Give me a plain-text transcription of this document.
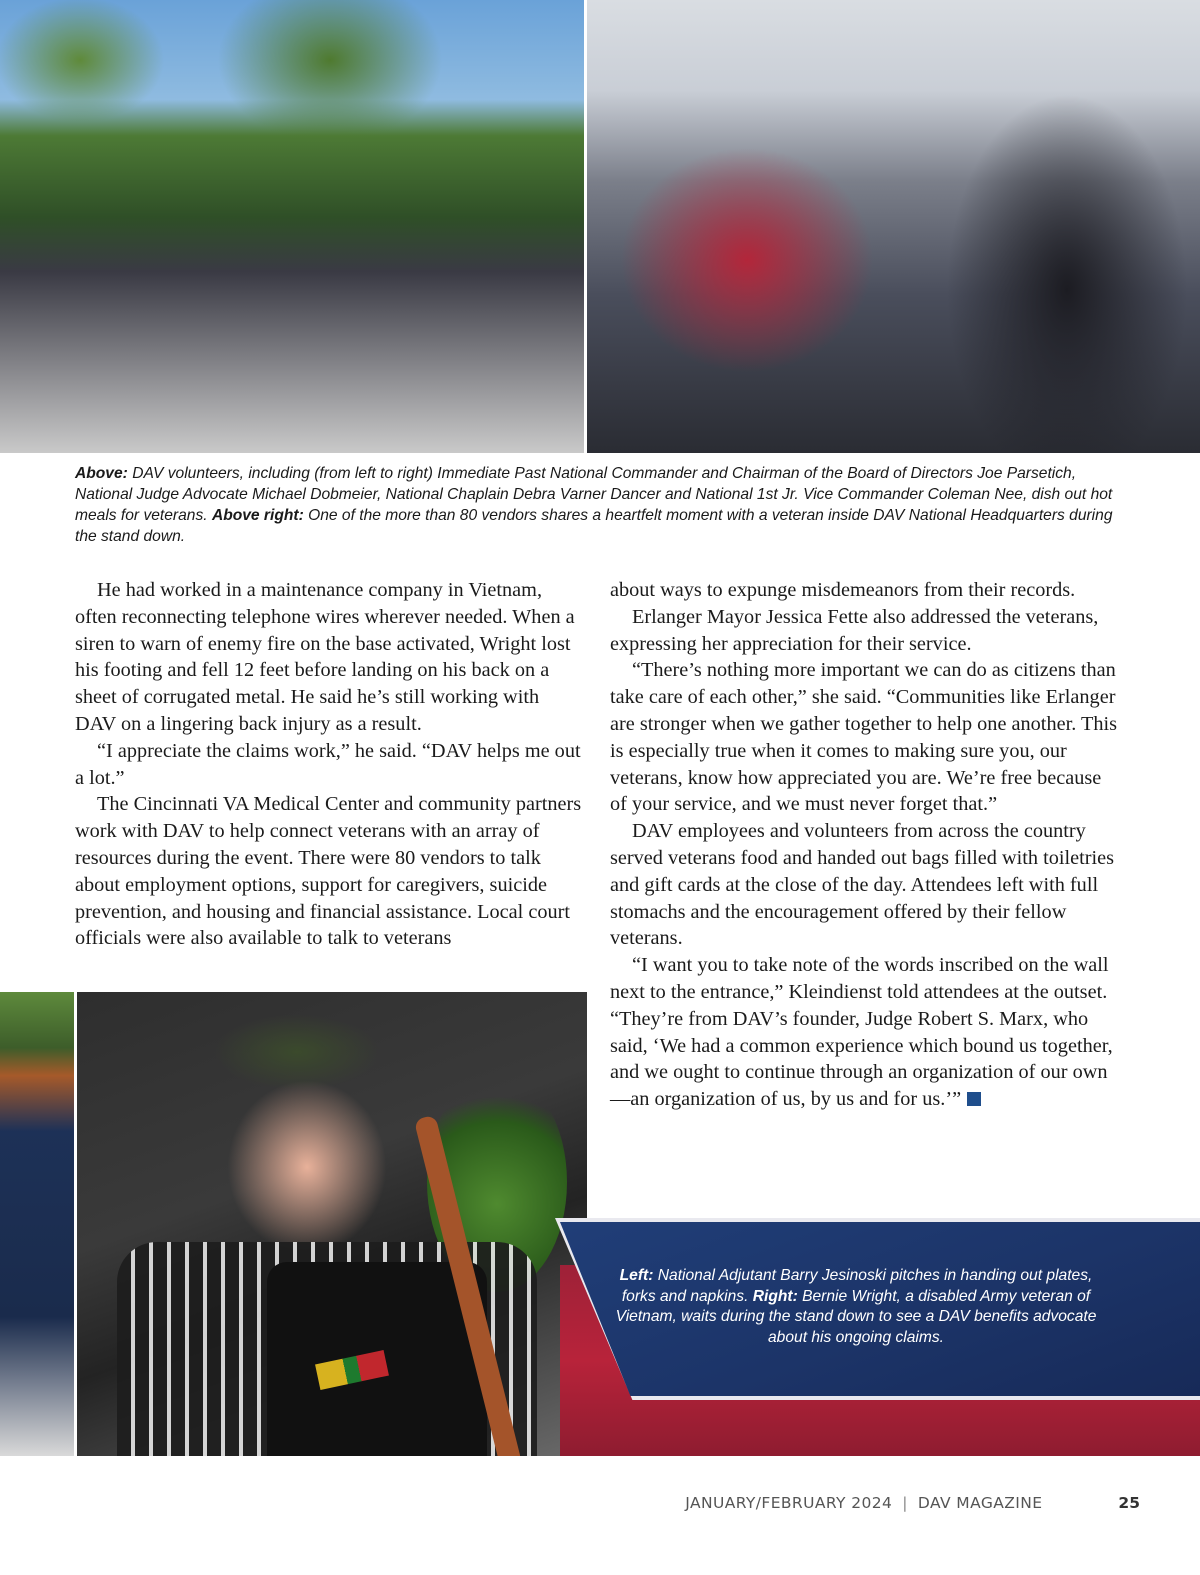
Above: DAV volunteers, including (from left to right) Immediate Past National Commander and Chairman of the Board of Directors Joe Parsetich, National Judge Advocate Michael Dobmeier, National Chaplain Debra Varner Dancer and National 1st Jr. Vice Commander Coleman Nee, dish out hot meals for veterans. Above right: One of the more than 80 vendors shares a heartfelt moment with a veteran inside DAV National Headquarters during the stand down.

He had worked in a maintenance company in Vietnam, often reconnecting telephone wires wherever needed. When a siren to warn of enemy fire on the base activated, Wright lost his footing and fell 12 feet before landing on his back on a sheet of corrugated metal. He said he’s still working with DAV on a lingering back injury as a result.

“I appreciate the claims work,” he said. “DAV helps me out a lot.”

The Cincinnati VA Medical Center and community partners work with DAV to help connect veterans with an array of resources during the event. There were 80 vendors to talk about employment options, support for caregivers, suicide prevention, and housing and financial assistance. Local court officials were also available to talk to veterans

about ways to expunge misdemeanors from their records.

Erlanger Mayor Jessica Fette also addressed the veterans, expressing her appreciation for their service.

“There’s nothing more important we can do as citizens than take care of each other,” she said. “Communities like Erlanger are stronger when we gather together to help one another. This is especially true when it comes to making sure you, our veterans, know how appreciated you are. We’re free because of your service, and we must never forget that.”

DAV employees and volunteers from across the country served veterans food and handed out bags filled with toiletries and gift cards at the close of the day. Attendees left with full stomachs and the encouragement offered by their fellow veterans.

“I want you to take note of the words inscribed on the wall next to the entrance,” Kleindienst told attendees at the outset. “They’re from DAV’s founder, Judge Robert S. Marx, who said, ‘We had a common experience which bound us together, and we ought to continue through an organization of our own—an organization of us, by us and for us.’”

Left: National Adjutant Barry Jesinoski pitches in handing out plates, forks and napkins. Right: Bernie Wright, a disabled Army veteran of Vietnam, waits during the stand down to see a DAV benefits advocate about his ongoing claims.
JANUARY/FEBRUARY 2024 | DAV MAGAZINE	25
